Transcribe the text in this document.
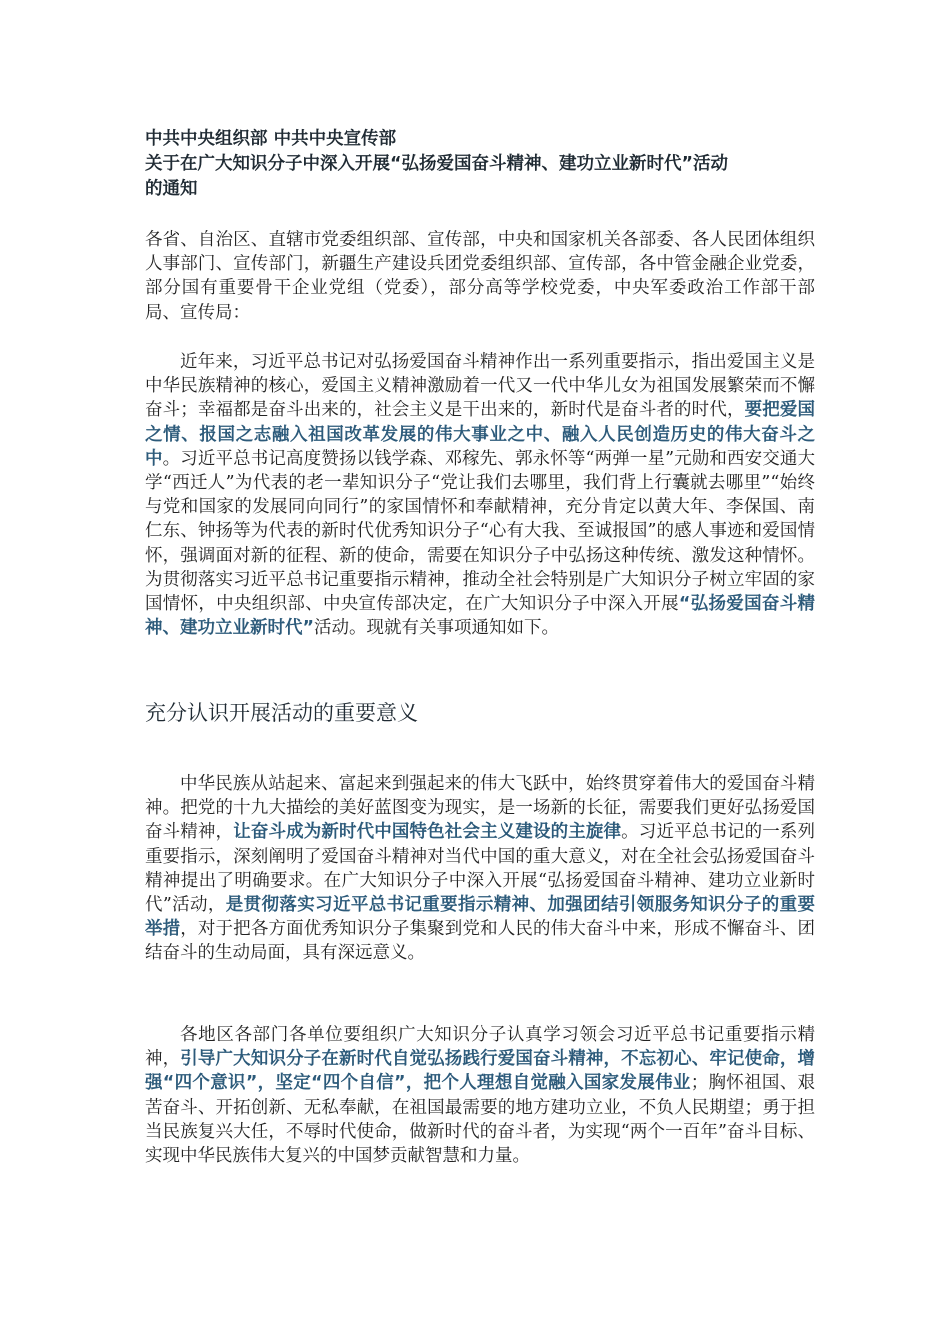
中共中央组织部 中共中央宣传部
关于在广大知识分子中深入开展“弘扬爱国奋斗精神、建功立业新时代”活动
的通知

各省、自治区、直辖市党委组织部、宣传部，中央和国家机关各部委、各人民团体组织人事部门、宣传部门，新疆生产建设兵团党委组织部、宣传部，各中管金融企业党委，部分国有重要骨干企业党组（党委），部分高等学校党委，中央军委政治工作部干部局、宣传局：

近年来，习近平总书记对弘扬爱国奋斗精神作出一系列重要指示，指出爱国主义是中华民族精神的核心，爱国主义精神激励着一代又一代中华儿女为祖国发展繁荣而不懈奋斗；幸福都是奋斗出来的，社会主义是干出来的，新时代是奋斗者的时代，要把爱国之情、报国之志融入祖国改革发展的伟大事业之中、融入人民创造历史的伟大奋斗之中。习近平总书记高度赞扬以钱学森、邓稼先、郭永怀等“两弹一星”元勋和西安交通大学“西迁人”为代表的老一辈知识分子“党让我们去哪里，我们背上行囊就去哪里”“始终与党和国家的发展同向同行”的家国情怀和奉献精神，充分肯定以黄大年、李保国、南仁东、钟扬等为代表的新时代优秀知识分子“心有大我、至诚报国”的感人事迹和爱国情怀，强调面对新的征程、新的使命，需要在知识分子中弘扬这种传统、激发这种情怀。为贯彻落实习近平总书记重要指示精神，推动全社会特别是广大知识分子树立牢固的家国情怀，中央组织部、中央宣传部决定，在广大知识分子中深入开展“弘扬爱国奋斗精神、建功立业新时代”活动。现就有关事项通知如下。

充分认识开展活动的重要意义

中华民族从站起来、富起来到强起来的伟大飞跃中，始终贯穿着伟大的爱国奋斗精神。把党的十九大描绘的美好蓝图变为现实，是一场新的长征，需要我们更好弘扬爱国奋斗精神，让奋斗成为新时代中国特色社会主义建设的主旋律。习近平总书记的一系列重要指示，深刻阐明了爱国奋斗精神对当代中国的重大意义，对在全社会弘扬爱国奋斗精神提出了明确要求。在广大知识分子中深入开展“弘扬爱国奋斗精神、建功立业新时代”活动，是贯彻落实习近平总书记重要指示精神、加强团结引领服务知识分子的重要举措，对于把各方面优秀知识分子集聚到党和人民的伟大奋斗中来，形成不懈奋斗、团结奋斗的生动局面，具有深远意义。

各地区各部门各单位要组织广大知识分子认真学习领会习近平总书记重要指示精神，引导广大知识分子在新时代自觉弘扬践行爱国奋斗精神，不忘初心、牢记使命，增强“四个意识”，坚定“四个自信”，把个人理想自觉融入国家发展伟业；胸怀祖国、艰苦奋斗、开拓创新、无私奉献，在祖国最需要的地方建功立业，不负人民期望；勇于担当民族复兴大任，不辱时代使命，做新时代的奋斗者，为实现“两个一百年”奋斗目标、实现中华民族伟大复兴的中国梦贡献智慧和力量。
